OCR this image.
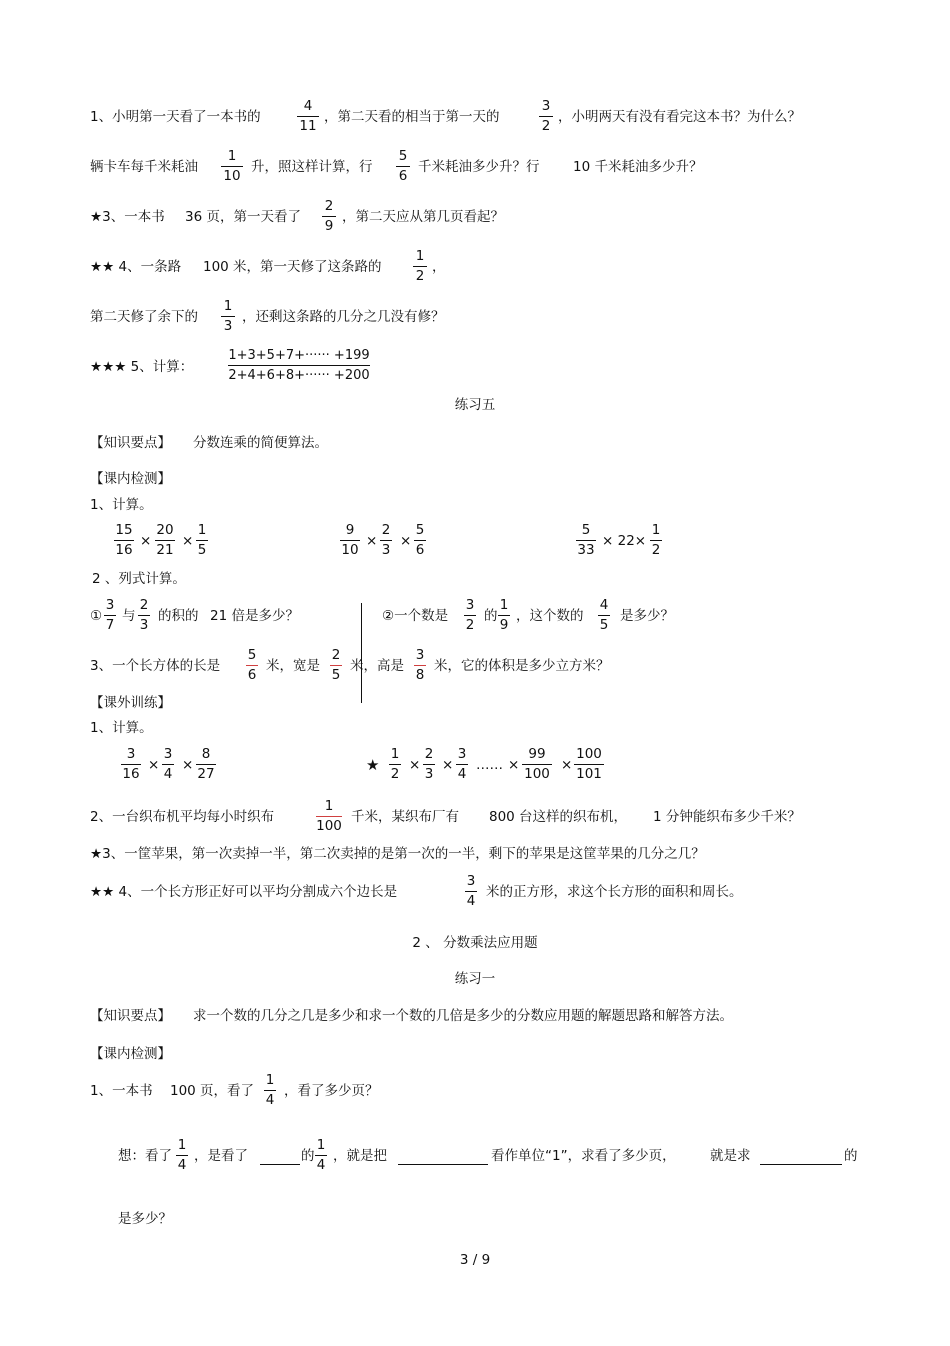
1、小明第一天看了一本书的
4
11
，第二天看的相当于第一天的
3
2
，小明两天有没有看完这本书？为什么？
辆卡车每千米耗油
1
10
升，照这样计算，行
5
6
千米耗油多少升？行 10 千米耗油多少升？
★3、一本书 36 页，第一天看了
2
9
，第二天应从第几页看起？
★★ 4、一条路 100 米，第一天修了这条路的
1
2
，
第二天修了余下的
1
3
，还剩这条路的几分之几没有修？
★★★ 5、计算：
1+3+5+7+······ +199
2+4+6+8+······ +200
练习五
【知识要点】 分数连乘的简便算法。
【课内检测】
1、计算。
15
16
×
20
21
×
1
5
9
10
×
2
3
×
5
6
5
33
× 22×
1
2
2 、列式计算。
①
3
7
与
2
3
的积的 21 倍是多少？	②一个数是
3
2
的
1
9
，这个数的
4
5
是多少？
3、一个长方体的长是
5
6
米，宽是
2
5
米，高是
3
8
米，它的体积是多少立方米？
【课外训练】
1、计算。
3
16
×
3
4
×
8
27	★
1
2
×
2
3
×
3
4
…… ×
99
100
×
100
101
2、一台织布机平均每小时织布
1
100
千米，某织布厂有 800 台这样的织布机， 1 分钟能织布多少千米？
★3、一筐苹果，第一次卖掉一半，第二次卖掉的是第一次的一半，剩下的苹果是这筐苹果的几分之几？
★★ 4、一个长方形正好可以平均分割成六个边长是
3
4
米的正方形，求这个长方形的面积和周长。
2 、 分数乘法应用题
练习一
【知识要点】 求一个数的几分之几是多少和求一个数的几倍是多少的分数应用题的解题思路和解答方法。
【课内检测】
1、一本书 100 页，看了
1
4
，看了多少页？
想：看了
1
4
，是看了	的
1
4
，就是把	看作单位“1”，求看了多少页，	就是求	的
是多少？
3 / 9
